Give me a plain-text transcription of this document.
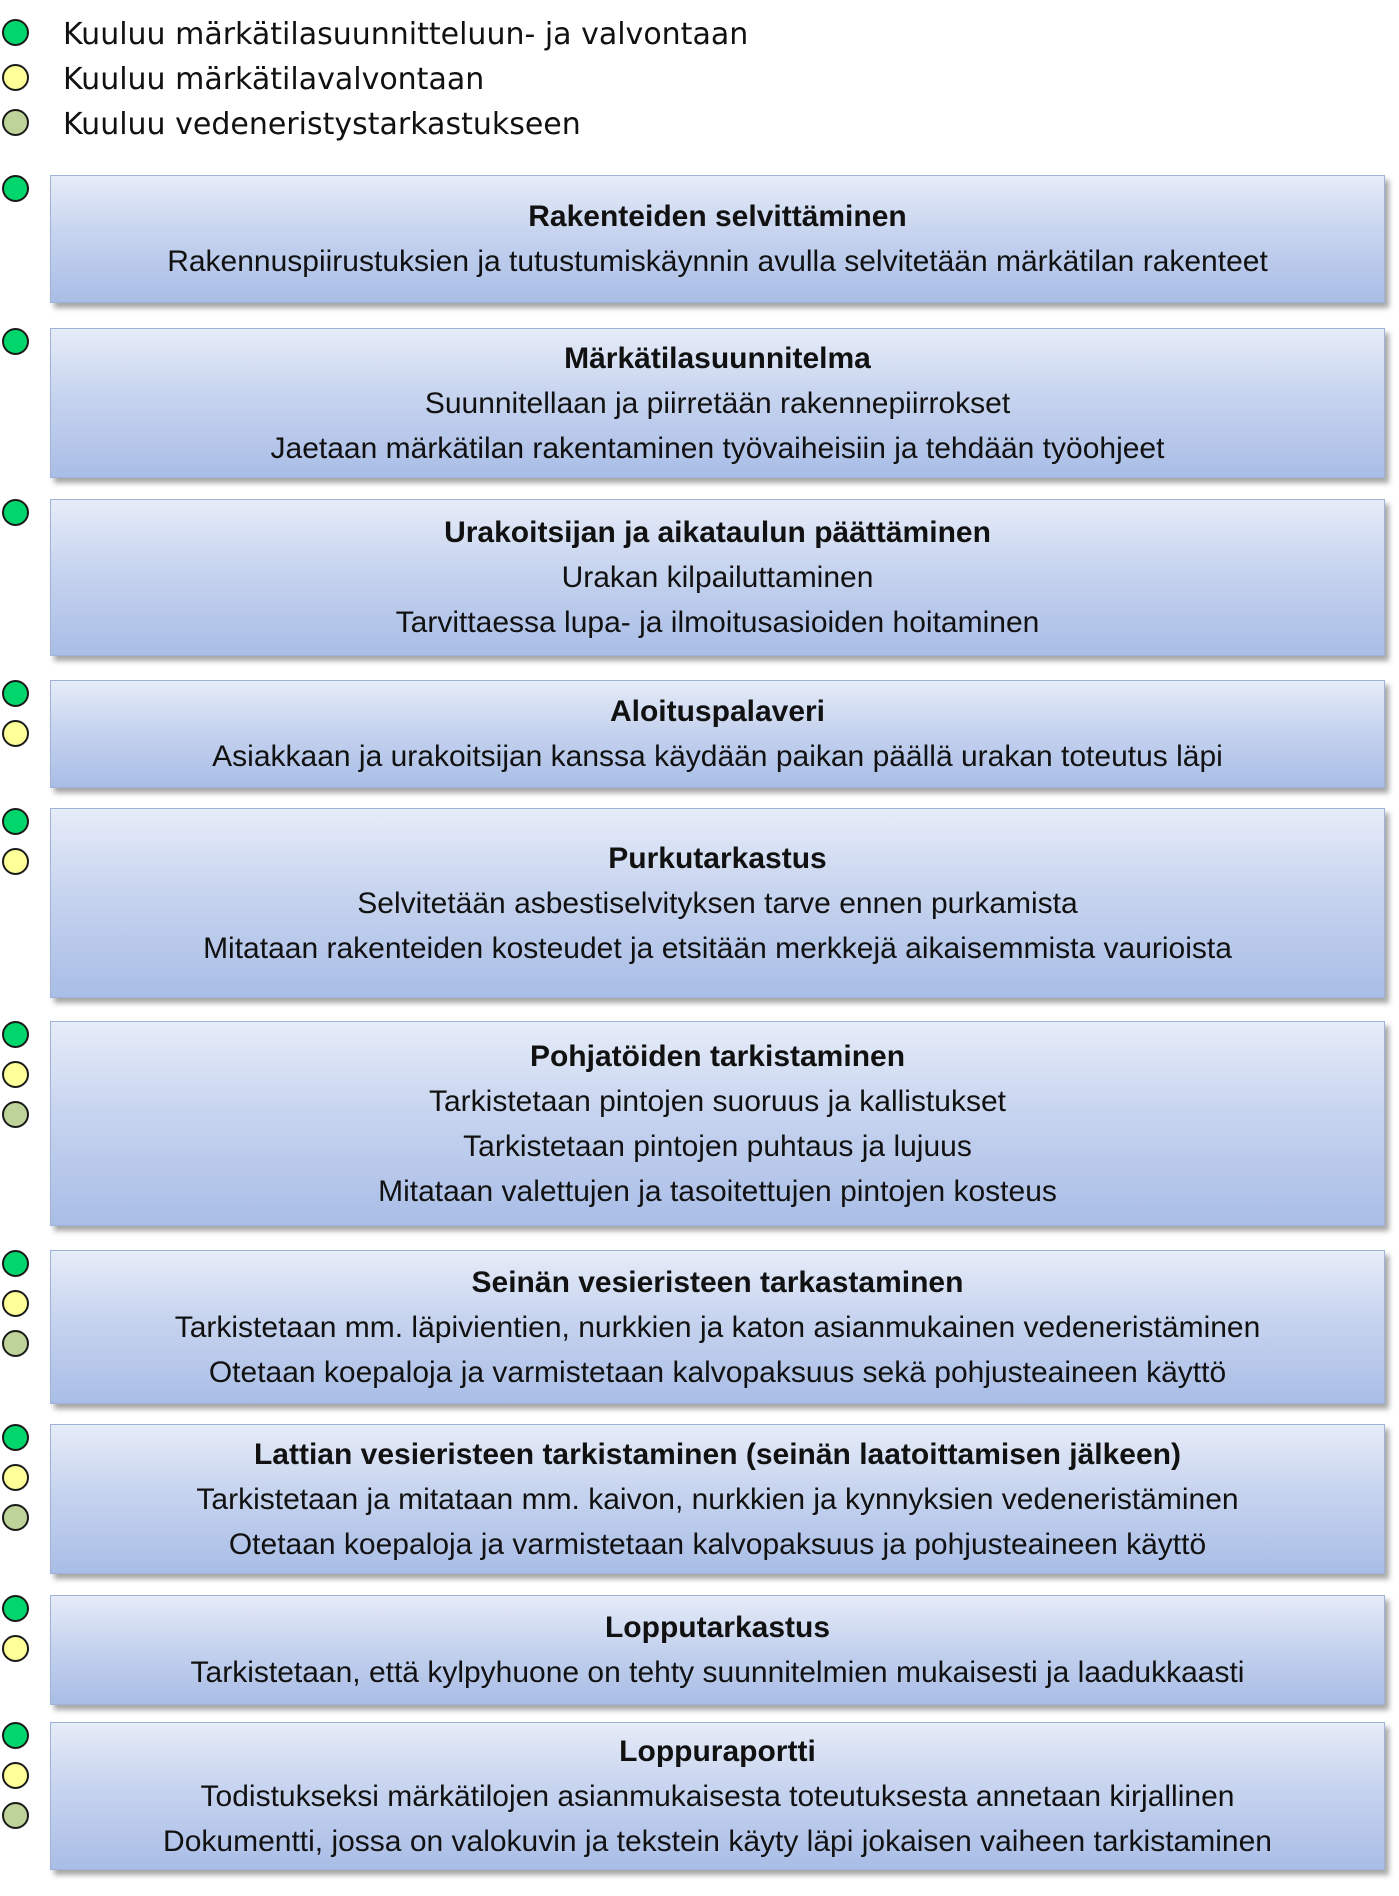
Kuuluu märkätilasuunnitteluun- ja valvontaan
Kuuluu märkätilavalvontaan
Kuuluu vedeneristystarkastukseen
Rakenteiden selvittäminen
Rakennuspiirustuksien ja tutustumiskäynnin avulla selvitetään märkätilan rakenteet
Märkätilasuunnitelma
Suunnitellaan ja piirretään rakennepiirrokset
Jaetaan märkätilan rakentaminen työvaiheisiin ja tehdään työohjeet
Urakoitsijan ja aikataulun päättäminen
Urakan kilpailuttaminen
Tarvittaessa lupa- ja ilmoitusasioiden hoitaminen
Aloituspalaveri
Asiakkaan ja urakoitsijan kanssa käydään paikan päällä urakan toteutus läpi
Purkutarkastus
Selvitetään asbestiselvityksen tarve ennen purkamista
Mitataan rakenteiden kosteudet ja etsitään merkkejä aikaisemmista vaurioista
Pohjatöiden tarkistaminen
Tarkistetaan pintojen suoruus ja kallistukset
Tarkistetaan pintojen puhtaus ja lujuus
Mitataan valettujen ja tasoitettujen pintojen kosteus
Seinän vesieristeen tarkastaminen
Tarkistetaan mm. läpivientien, nurkkien ja katon asianmukainen vedeneristäminen
Otetaan koepaloja ja varmistetaan kalvopaksuus sekä pohjusteaineen käyttö
Lattian vesieristeen tarkistaminen (seinän laatoittamisen jälkeen)
Tarkistetaan ja mitataan mm. kaivon, nurkkien ja kynnyksien vedeneristäminen
Otetaan koepaloja ja varmistetaan kalvopaksuus ja pohjusteaineen käyttö
Lopputarkastus
Tarkistetaan, että kylpyhuone on tehty suunnitelmien mukaisesti ja laadukkaasti
Loppuraportti
Todistukseksi märkätilojen asianmukaisesta toteutuksesta annetaan kirjallinen
Dokumentti, jossa on valokuvin ja tekstein käyty läpi jokaisen vaiheen tarkistaminen
